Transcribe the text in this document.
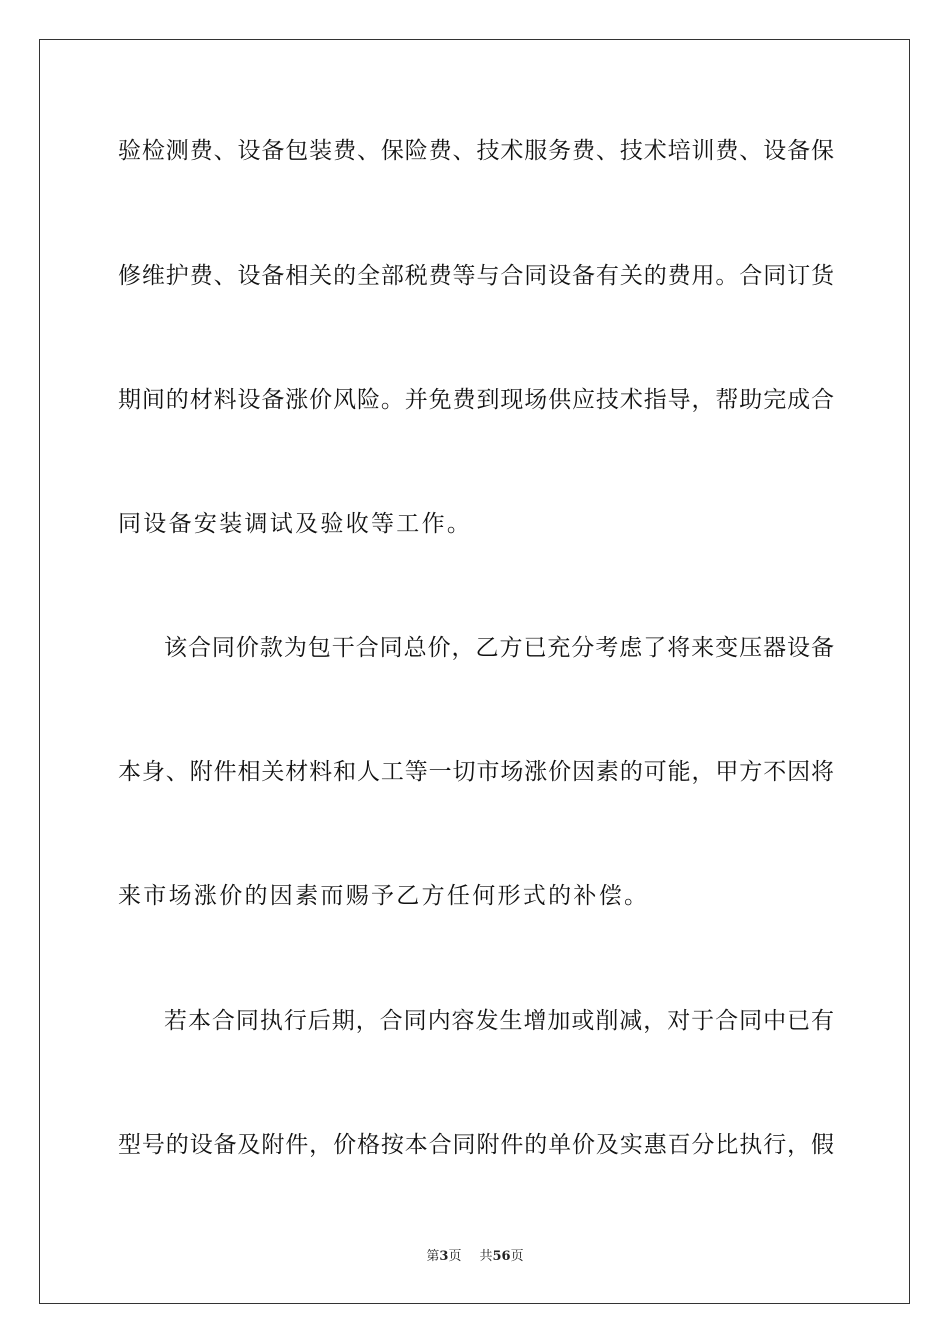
验检测费、设备包装费、保险费、技术服务费、技术培训费、设备保
修维护费、设备相关的全部税费等与合同设备有关的费用。合同订货
期间的材料设备涨价风险。并免费到现场供应技术指导，帮助完成合
同设备安装调试及验收等工作。
该合同价款为包干合同总价，乙方已充分考虑了将来变压器设备
本身、附件相关材料和人工等一切市场涨价因素的可能，甲方不因将
来市场涨价的因素而赐予乙方任何形式的补偿。
若本合同执行后期，合同内容发生增加或削减，对于合同中已有
型号的设备及附件，价格按本合同附件的单价及实惠百分比执行，假
第3页 共56页
